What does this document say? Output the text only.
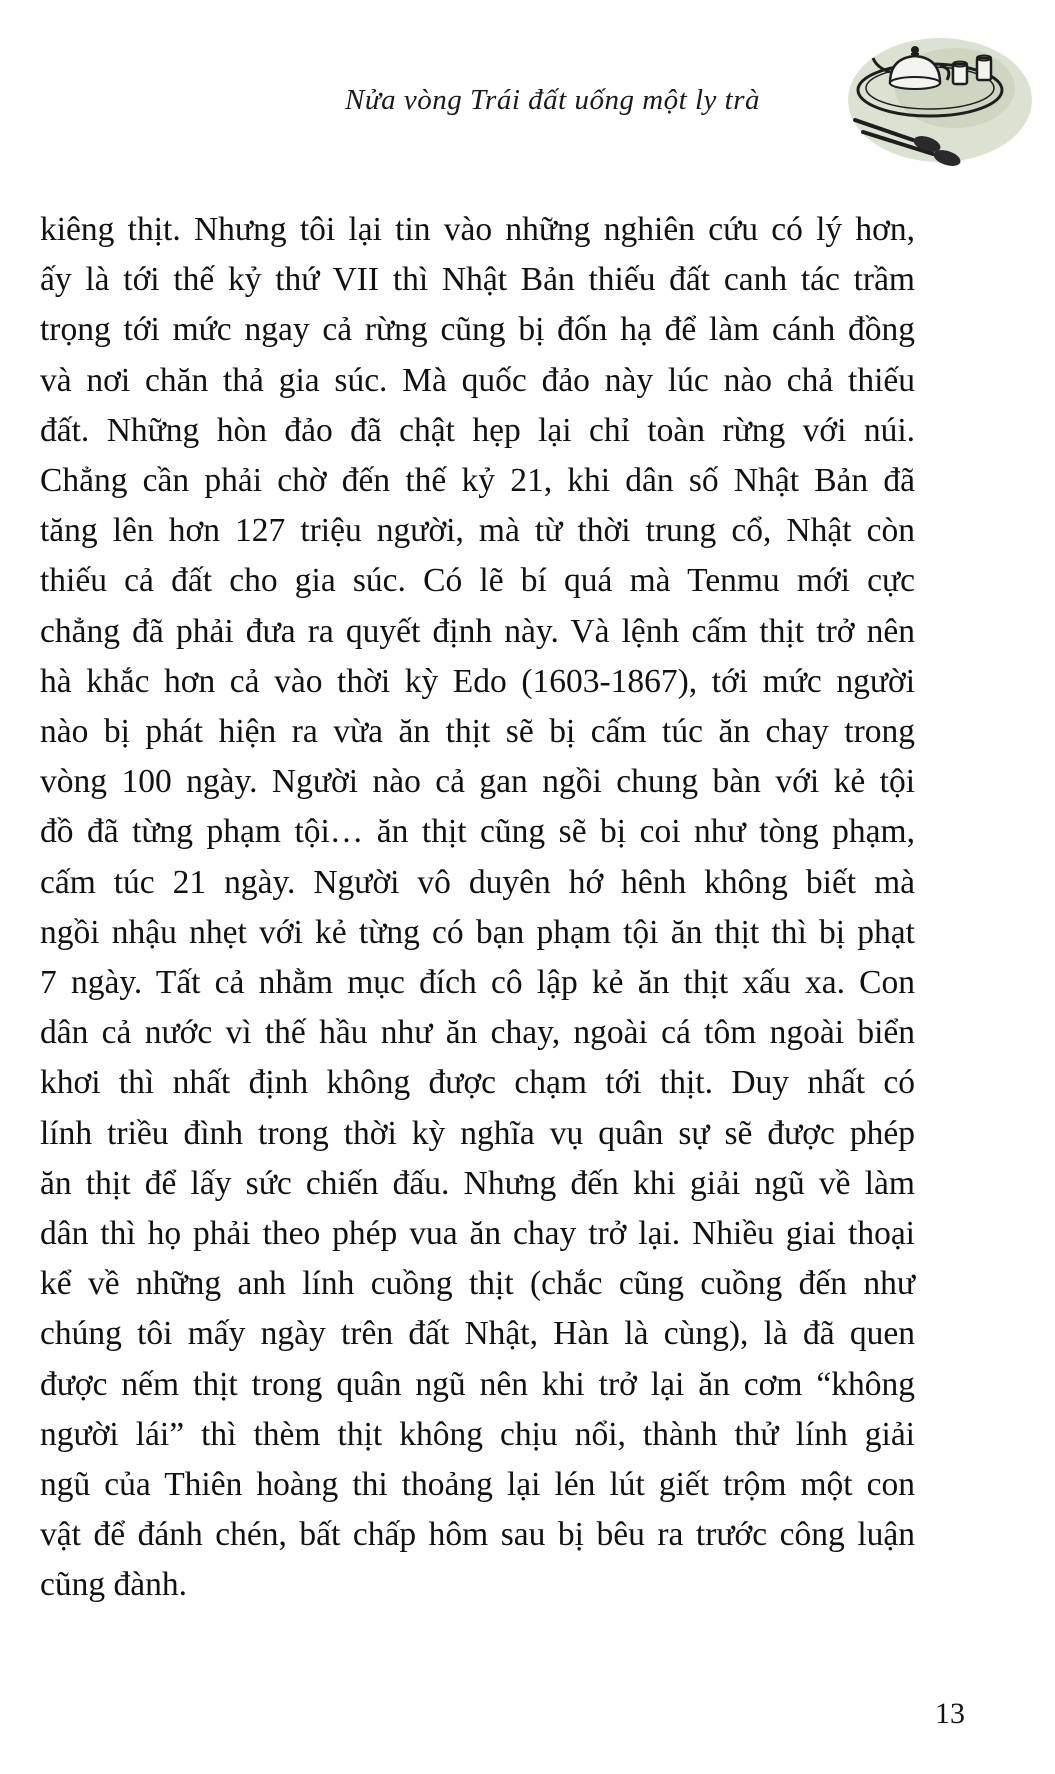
Nửa vòng Trái đất uống một ly trà
kiêng thịt. Nhưng tôi lại tin vào những nghiên cứu có lý hơn,
ấy là tới thế kỷ thứ VII thì Nhật Bản thiếu đất canh tác trầm
trọng tới mức ngay cả rừng cũng bị đốn hạ để làm cánh đồng
và nơi chăn thả gia súc. Mà quốc đảo này lúc nào chả thiếu
đất. Những hòn đảo đã chật hẹp lại chỉ toàn rừng với núi.
Chẳng cần phải chờ đến thế kỷ 21, khi dân số Nhật Bản đã
tăng lên hơn 127 triệu người, mà từ thời trung cổ, Nhật còn
thiếu cả đất cho gia súc. Có lẽ bí quá mà Tenmu mới cực
chẳng đã phải đưa ra quyết định này. Và lệnh cấm thịt trở nên
hà khắc hơn cả vào thời kỳ Edo (1603-1867), tới mức người
nào bị phát hiện ra vừa ăn thịt sẽ bị cấm túc ăn chay trong
vòng 100 ngày. Người nào cả gan ngồi chung bàn với kẻ tội
đồ đã từng phạm tội… ăn thịt cũng sẽ bị coi như tòng phạm,
cấm túc 21 ngày. Người vô duyên hớ hênh không biết mà
ngồi nhậu nhẹt với kẻ từng có bạn phạm tội ăn thịt thì bị phạt
7 ngày. Tất cả nhằm mục đích cô lập kẻ ăn thịt xấu xa. Con
dân cả nước vì thế hầu như ăn chay, ngoài cá tôm ngoài biển
khơi thì nhất định không được chạm tới thịt. Duy nhất có
lính triều đình trong thời kỳ nghĩa vụ quân sự sẽ được phép
ăn thịt để lấy sức chiến đấu. Nhưng đến khi giải ngũ về làm
dân thì họ phải theo phép vua ăn chay trở lại. Nhiều giai thoại
kể về những anh lính cuồng thịt (chắc cũng cuồng đến như
chúng tôi mấy ngày trên đất Nhật, Hàn là cùng), là đã quen
được nếm thịt trong quân ngũ nên khi trở lại ăn cơm “không
người lái” thì thèm thịt không chịu nổi, thành thử lính giải
ngũ của Thiên hoàng thi thoảng lại lén lút giết trộm một con
vật để đánh chén, bất chấp hôm sau bị bêu ra trước công luận
cũng đành.
13
